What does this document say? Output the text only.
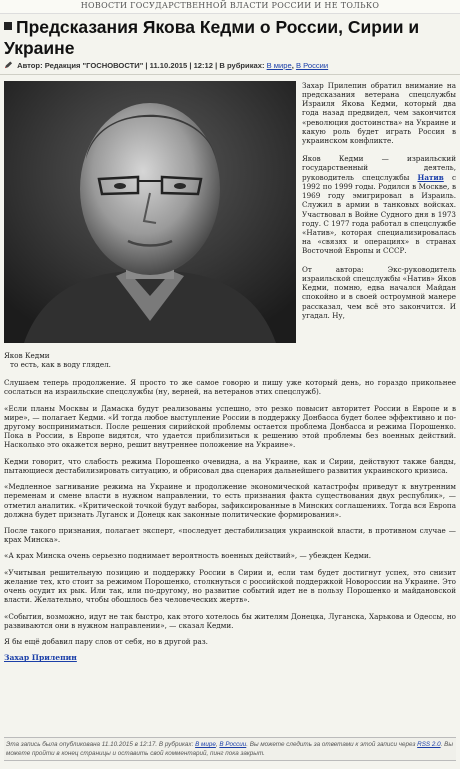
НОВОСТИ ГОСУДАРСТВЕННОЙ ВЛАСТИ РОССИИ И НЕ ТОЛЬКО
Предсказания Якова Кедми о России, Сирии и Украине
Автор: Редакция "ГОСНОВОСТИ" | 11.10.2015 | 12:12 | В рубриках: В мире, В России
Яков Кедми

Захар Прилепин обратил внимание на предсказания ветерана спецслужбы Израиля Якова Кедми, который два года назад предвидел, чем закончится «революция достоинства» на Украине и какую роль будет играть Россия в украинском конфликте.

Яков Кедми — израильский государственный деятель, руководитель спецслужбы Натив с 1992 по 1999 годы. Родился в Москве, в 1969 году эмигрировал в Израиль. Служил в армии в танковых войсках. Участвовал в Войне Судного дня в 1973 году. С 1977 года работал в спецслужбе «Натив», которая специализировалась на «связях и операциях» в странах Восточной Европы и СССР.

От автора: Экс-руководитель израильской спецслужбы «Натив» Яков Кедми, помню, едва начался Майдан спокойно и в своей остроумной манере рассказал, чем всё это закончится. И угадал. Ну,

то есть, как в воду глядел.

Слушаем теперь продолжение. Я просто то же самое говорю и пишу уже который день, но гораздо прикольнее сослаться на израильские спецслужбы (ну, верней, на ветеранов этих спецслужб).

«Если планы Москвы и Дамаска будут реализованы успешно, это резко повысит авторитет России в Европе и в мире», — полагает Кедми. «И тогда любое выступление России в поддержку Донбасса будет более эффективно и по-другому восприниматься. После решения сирийской проблемы остается проблема Донбасса и режима Порошенко. Пока в России, в Европе видятся, что удается приблизиться к решению этой проблемы без военных действий. Насколько это окажется верно, решит внутреннее положение на Украине».

Кедми говорит, что слабость режима Порошенко очевидна, а на Украине, как и Сирии, действуют также банды, пытающиеся дестабилизировать ситуацию, и обрисовал два сценария дальнейшего развития украинского кризиса.

«Медленное загнивание режима на Украине и продолжение экономической катастрофы приведут к внутренним переменам и смене власти в нужном направлении, то есть признания факта существования двух республик», — отметил аналитик. «Критической точкой будут выборы, зафиксированные в Минских соглашениях. Тогда вся Европа должна будет признать Луганск и Донецк как законные политические формирования».

После такого признания, полагает эксперт, «последует дестабилизация украинской власти, в противном случае — крах Минска».

«А крах Минска очень серьезно поднимает вероятность военных действий», — убежден Кедми.

«Учитывая решительную позицию и поддержку России в Сирии и, если там будет достигнут успех, это снизит желание тех, кто стоит за режимом Порошенко, столкнуться с российской поддержкой Новороссии на Украине. Это очень осудит их рык. Или так, или по-другому, но развитие событий идет не в пользу Порошенко и майдановской власти. Желательно, чтобы обошлось без человеческих жертв».

«События, возможно, идут не так быстро, как этого хотелось бы жителям Донецка, Луганска, Харькова и Одессы, но развиваются они в нужном направлении», — сказал Кедми.

Я бы ещё добавил пару слов от себя, но в другой раз.

Захар Прилепин
Эта запись была опубликована 11.10.2015 в 12:17. В рубриках: В мире, В России. Вы можете следить за ответами к этой записи через RSS 2.0. Вы можете пройти в конец страницы и оставить свой комментарий, пинг пока закрыт.
